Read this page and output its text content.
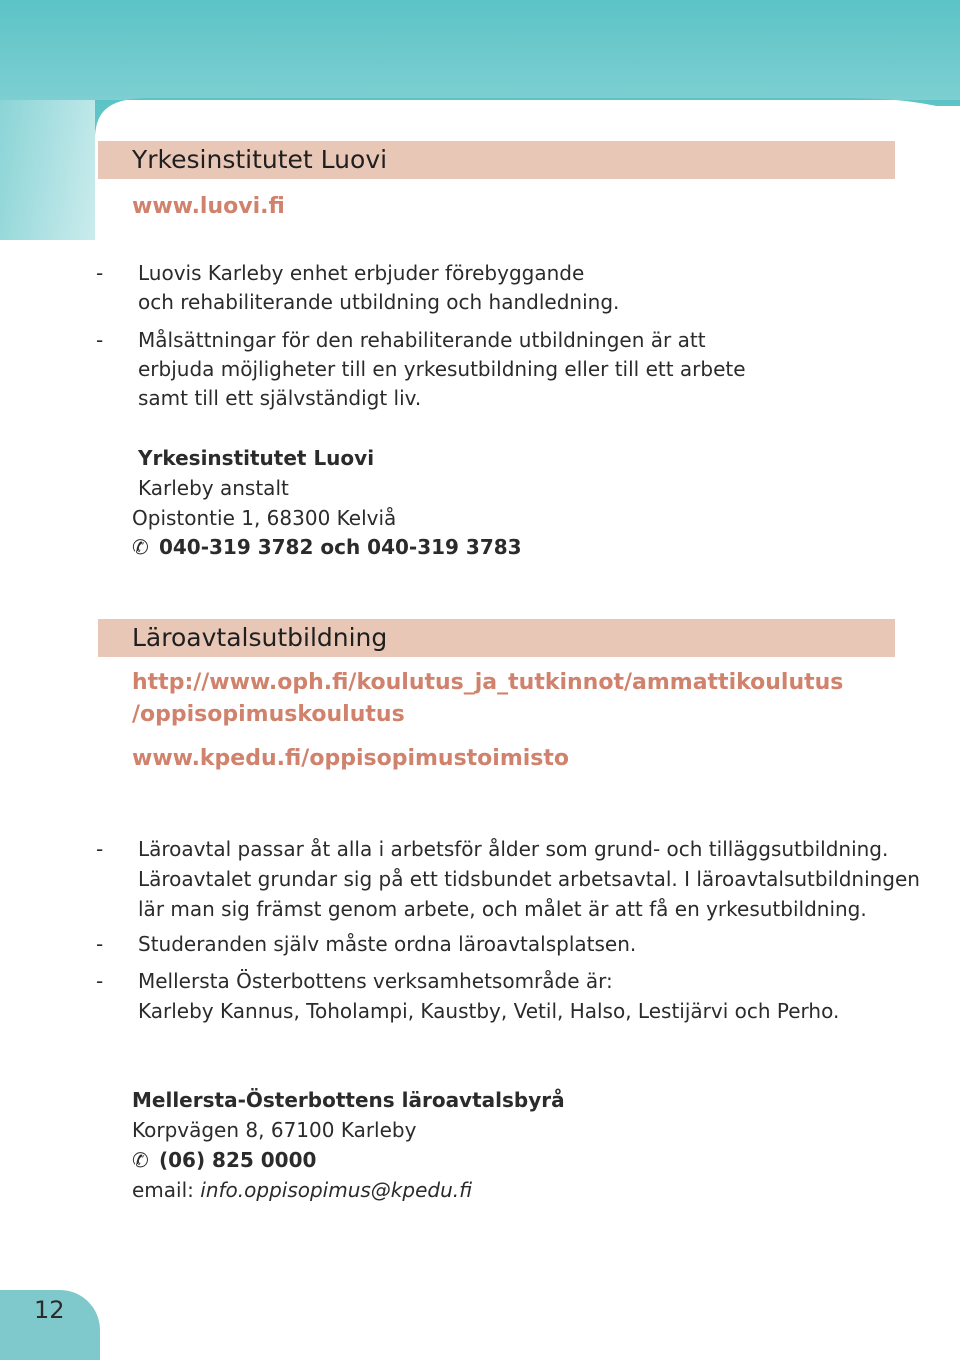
Yrkesinstitutet Luovi
www.luovi.fi
- Luovis Karleby enhet erbjuder förebyggande
och rehabiliterande utbildning och handledning.
- Målsättningar för den rehabiliterande utbildningen är att
erbjuda möjligheter till en yrkesutbildning eller till ett arbete
samt till ett självständigt liv.
Yrkesinstitutet Luovi
Karleby anstalt
Opistontie 1, 68300 Kelviå
✆ 040-319 3782 och 040-319 3783
Läroavtalsutbildning
http://www.oph.fi/koulutus_ja_tutkinnot/ammattikoulutus
/oppisopimuskoulutus
www.kpedu.fi/oppisopimustoimisto
- Läroavtal passar åt alla i arbetsför ålder som grund- och tilläggsutbildning.
Läroavtalet grundar sig på ett tidsbundet arbetsavtal. I läroavtalsutbildningen
lär man sig främst genom arbete, och målet är att få en yrkesutbildning.
- Studeranden själv måste ordna läroavtalsplatsen.
- Mellersta Österbottens verksamhetsområde är:
Karleby Kannus, Toholampi, Kaustby, Vetil, Halso, Lestijärvi och Perho.
Mellersta-Österbottens läroavtalsbyrå
Korpvägen 8, 67100 Karleby
✆ (06) 825 0000
email: info.oppisopimus@kpedu.fi
12
